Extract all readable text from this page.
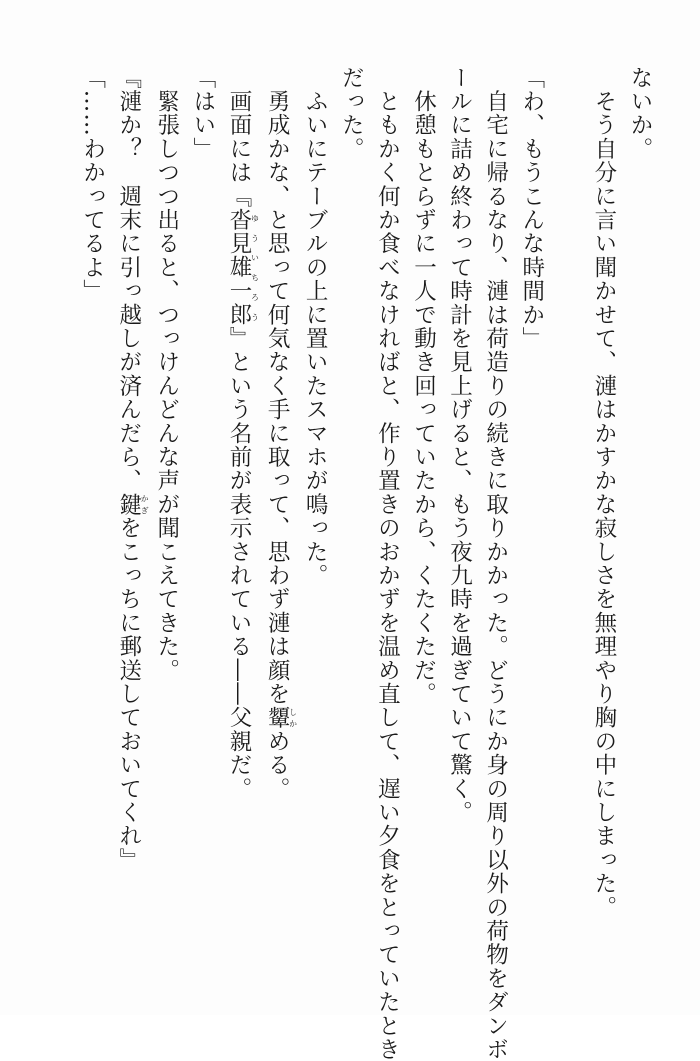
ないか。
　そう自分に言い聞かせて、漣はかすかな寂しさを無理やり胸の中にしまった。

「わ、もうこんな時間か」
　自宅に帰るなり、漣は荷造りの続きに取りかかった。どうにか身の周り以外の荷物をダンボ
ールに詰め終わって時計を見上げると、もう夜九時を過ぎていて驚く。
　休憩もとらずに一人で動き回っていたから、くたくただ。
　ともかく何か食べなければと、作り置きのおかずを温め直して、遅い夕食をとっていたとき
だった。
　ふいにテーブルの上に置いたスマホが鳴った。
　勇成かな、と思って何気なく手に取って、思わず漣は顔を顰しかめる。
　画面には『沓見雄一郎ゆういちろう』という名前が表示されている――父親だ。
「はい」
　緊張しつつ出ると、つっけんどんな声が聞こえてきた。
『漣か？　週末に引っ越しが済んだら、鍵かぎをこっちに郵送しておいてくれ』
「……わかってるよ」
